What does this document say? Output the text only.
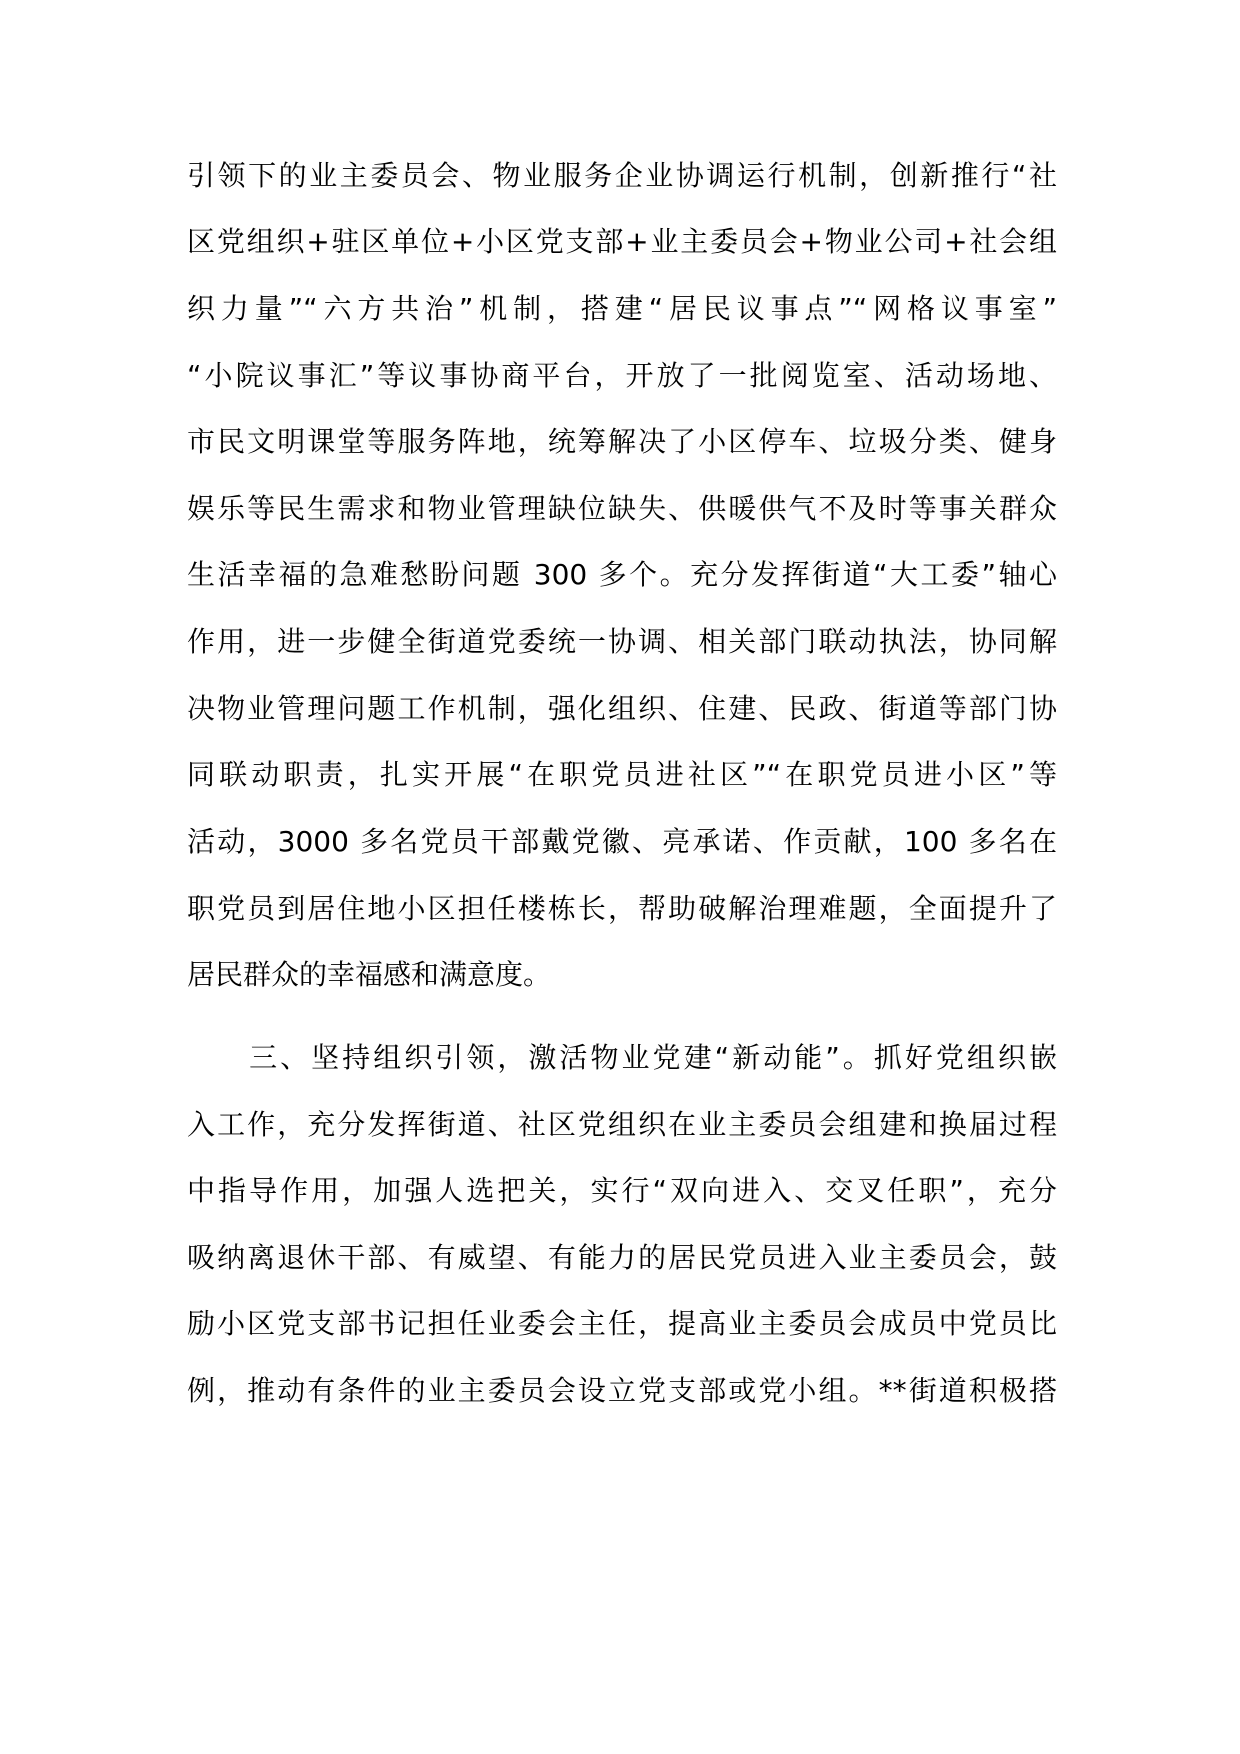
引领下的业主委员会、物业服务企业协调运行机制，创新推行“社
区党组织+驻区单位+小区党支部+业主委员会+物业公司+社会组
织力量”“六方共治”机制，搭建“居民议事点”“网格议事室”
“小院议事汇”等议事协商平台，开放了一批阅览室、活动场地、
市民文明课堂等服务阵地，统筹解决了小区停车、垃圾分类、健身
娱乐等民生需求和物业管理缺位缺失、供暖供气不及时等事关群众
生活幸福的急难愁盼问题 300 多个。充分发挥街道“大工委”轴心
作用，进一步健全街道党委统一协调、相关部门联动执法，协同解
决物业管理问题工作机制，强化组织、住建、民政、街道等部门协
同联动职责，扎实开展“在职党员进社区”“在职党员进小区”等
活动，3000 多名党员干部戴党徽、亮承诺、作贡献，100 多名在
职党员到居住地小区担任楼栋长，帮助破解治理难题，全面提升了
居民群众的幸福感和满意度。
　　三、坚持组织引领，激活物业党建“新动能”。抓好党组织嵌
入工作，充分发挥街道、社区党组织在业主委员会组建和换届过程
中指导作用，加强人选把关，实行“双向进入、交叉任职”，充分
吸纳离退休干部、有威望、有能力的居民党员进入业主委员会，鼓
励小区党支部书记担任业委会主任，提高业主委员会成员中党员比
例，推动有条件的业主委员会设立党支部或党小组。**街道积极搭
